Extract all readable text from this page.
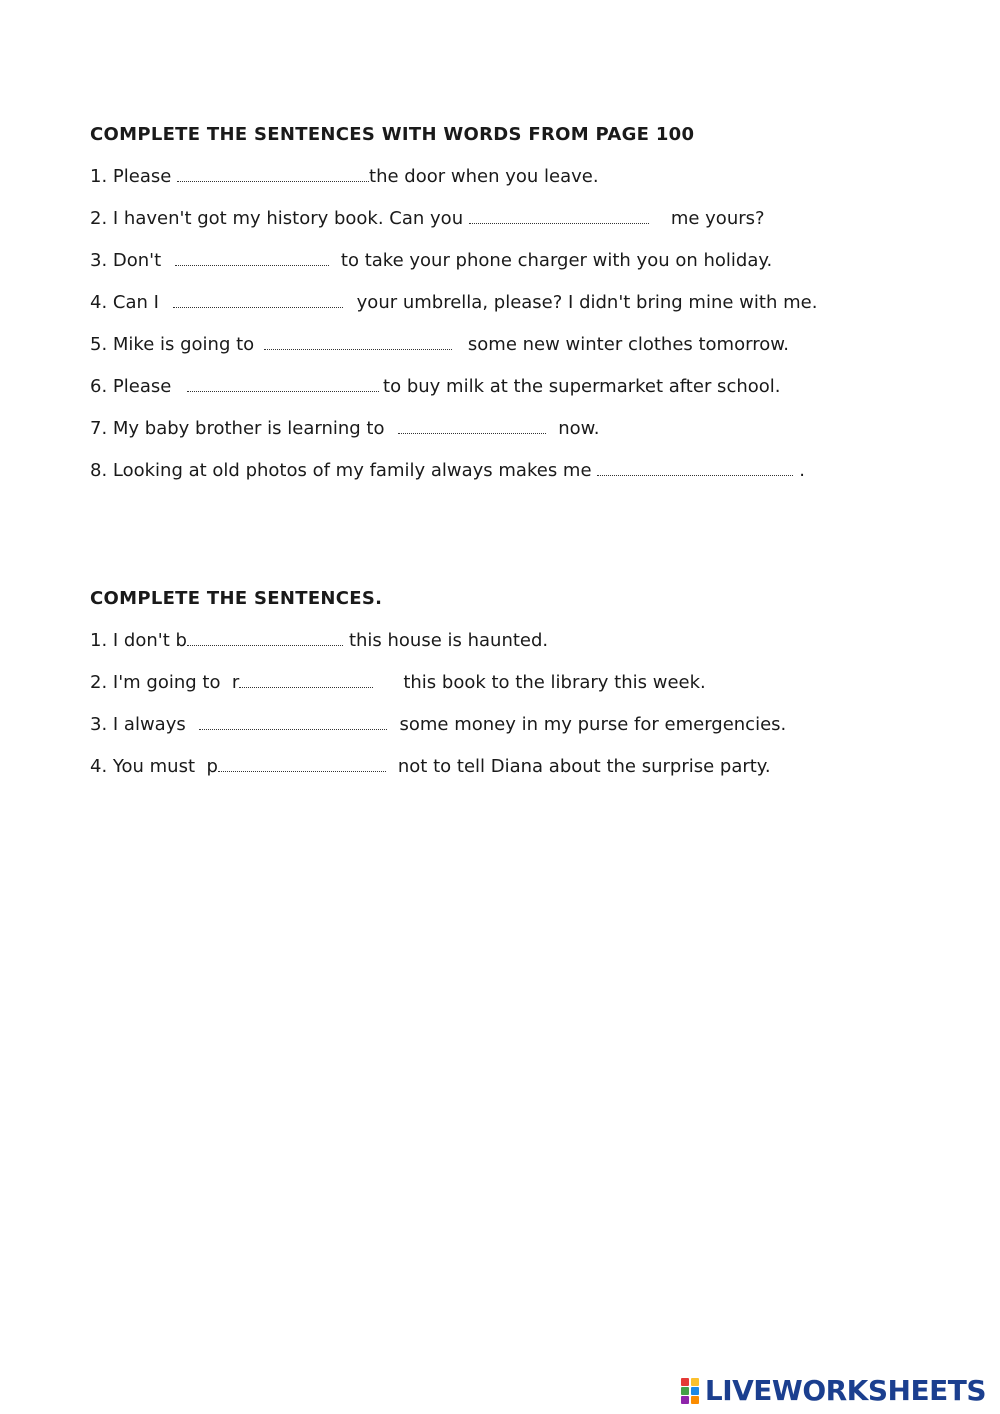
COMPLETE THE SENTENCES WITH WORDS FROM PAGE 100
1. Please	the door when you leave.
2. I haven't got my history book. Can you	me yours?
3. Don't	to take your phone charger with you on holiday.
4. Can I	your umbrella, please? I didn't bring mine with me.
5. Mike is going to	some new winter clothes tomorrow.
6. Please	to buy milk at the supermarket after school.
7. My baby brother is learning to	now.
8. Looking at old photos of my family always makes me	.
COMPLETE THE SENTENCES.
1. I don't b	this house is haunted.
2. I'm going to  r	this book to the library this week.
3. I always	some money in my purse for emergencies.
4. You must  p	not to tell Diana about the surprise party.
LIVEWORKSHEETS
